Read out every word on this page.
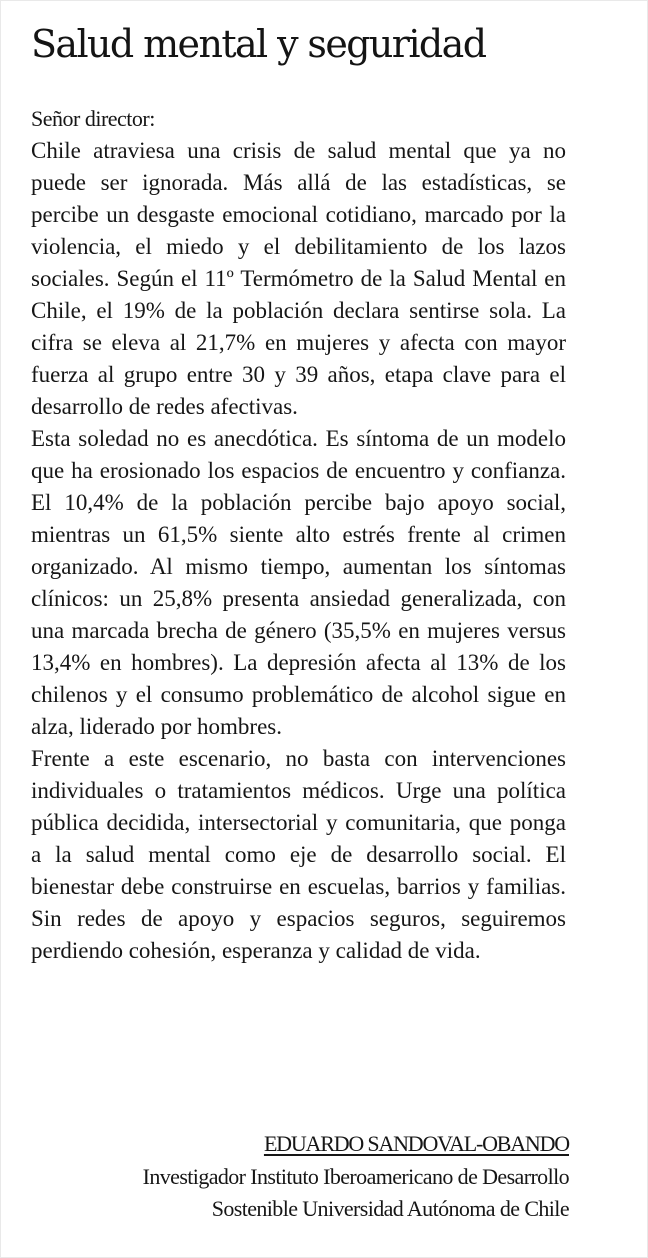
Salud mental y seguridad

Señor director:

Chile atraviesa una crisis de salud mental que ya no puede ser ignorada. Más allá de las estadísticas, se percibe un desgaste emocional cotidiano, marcado por la violencia, el miedo y el debilitamiento de los lazos sociales. Según el 11º Termómetro de la Salud Mental en Chile, el 19% de la población declara sentirse sola. La cifra se eleva al 21,7% en mujeres y afecta con mayor fuerza al grupo entre 30 y 39 años, etapa clave para el desarrollo de redes afectivas.

Esta soledad no es anecdótica. Es síntoma de un modelo que ha erosionado los espacios de encuentro y confianza. El 10,4% de la población percibe bajo apoyo social, mientras un 61,5% siente alto estrés frente al crimen organizado. Al mismo tiempo, aumentan los síntomas clínicos: un 25,8% presenta ansiedad generalizada, con una marcada brecha de género (35,5% en mujeres versus 13,4% en hombres). La depresión afecta al 13% de los chilenos y el consumo problemático de alcohol sigue en alza, liderado por hombres.

Frente a este escenario, no basta con intervenciones individuales o tratamientos médicos. Urge una política pública decidida, intersectorial y comunitaria, que ponga a la salud mental como eje de desarrollo social. El bienestar debe construirse en escuelas, barrios y familias. Sin redes de apoyo y espacios seguros, seguiremos perdiendo cohesión, esperanza y calidad de vida.

EDUARDO SANDOVAL-OBANDO

Investigador Instituto Iberoamericano de Desarrollo

Sostenible Universidad Autónoma de Chile
